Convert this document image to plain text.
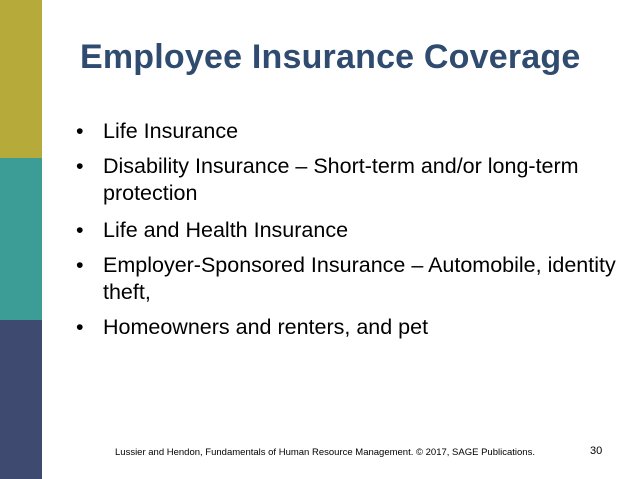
Employee Insurance Coverage
• Life Insurance
• Disability Insurance – Short-term and/or long-term protection
• Life and Health Insurance
• Employer-Sponsored Insurance – Automobile, identity theft,
• Homeowners and renters, and pet
Lussier and Hendon, Fundamentals of Human Resource Management. © 2017, SAGE Publications.	30
